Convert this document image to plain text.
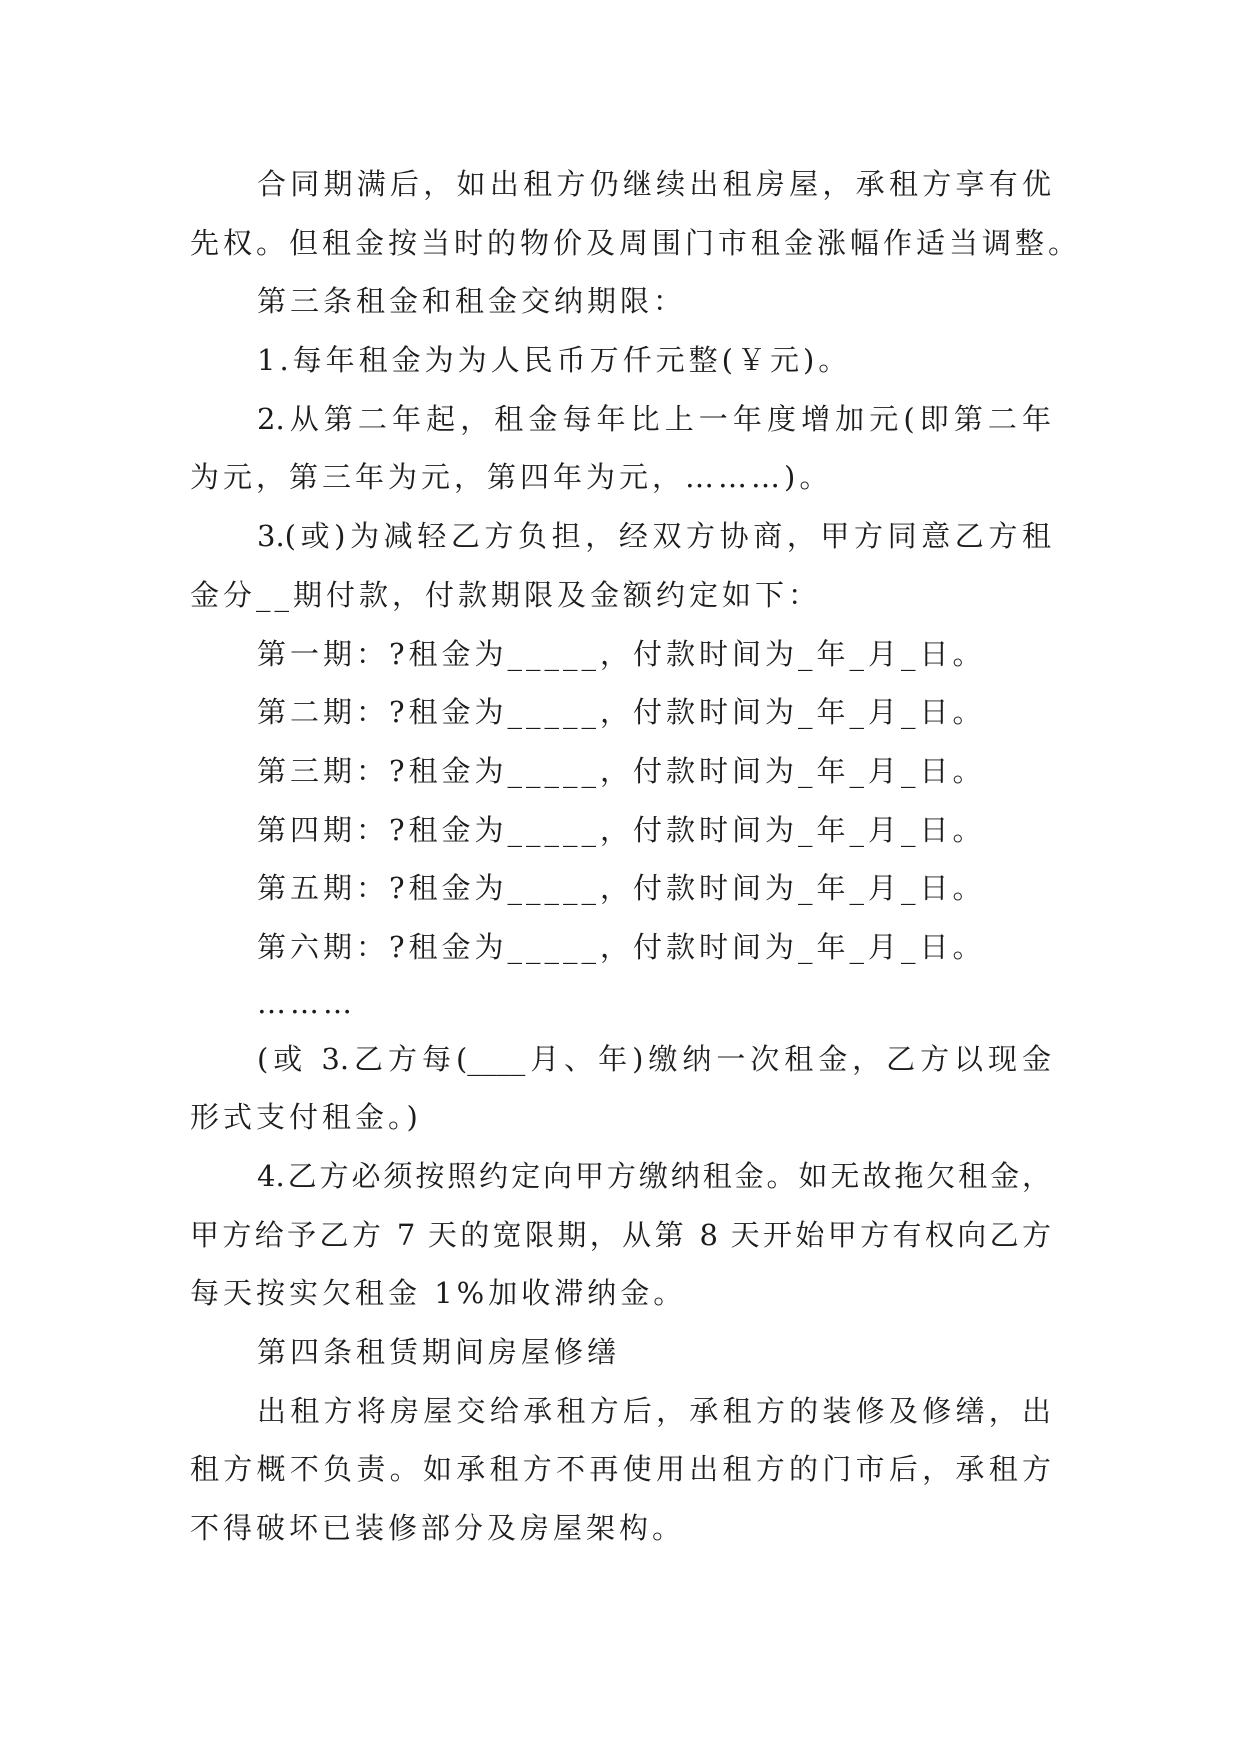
合同期满后，如出租方仍继续出租房屋，承租方享有优
先权。但租金按当时的物价及周围门市租金涨幅作适当调整。
第三条租金和租金交纳期限：
1.每年租金为为人民币万仟元整(￥元)。
2.从第二年起，租金每年比上一年度增加元(即第二年
为元，第三年为元，第四年为元，………)。
3.(或)为减轻乙方负担，经双方协商，甲方同意乙方租
金分__期付款，付款期限及金额约定如下：
第一期：?租金为_____，付款时间为_年_月_日。
第二期：?租金为_____，付款时间为_年_月_日。
第三期：?租金为_____，付款时间为_年_月_日。
第四期：?租金为_____，付款时间为_年_月_日。
第五期：?租金为_____，付款时间为_年_月_日。
第六期：?租金为_____，付款时间为_年_月_日。
………
(或 3.乙方每(____月、年)缴纳一次租金，乙方以现金
形式支付租金。)
4.乙方必须按照约定向甲方缴纳租金。如无故拖欠租金，
甲方给予乙方 7 天的宽限期，从第 8 天开始甲方有权向乙方
每天按实欠租金 1%加收滞纳金。
第四条租赁期间房屋修缮
出租方将房屋交给承租方后，承租方的装修及修缮，出
租方概不负责。如承租方不再使用出租方的门市后，承租方
不得破坏已装修部分及房屋架构。
